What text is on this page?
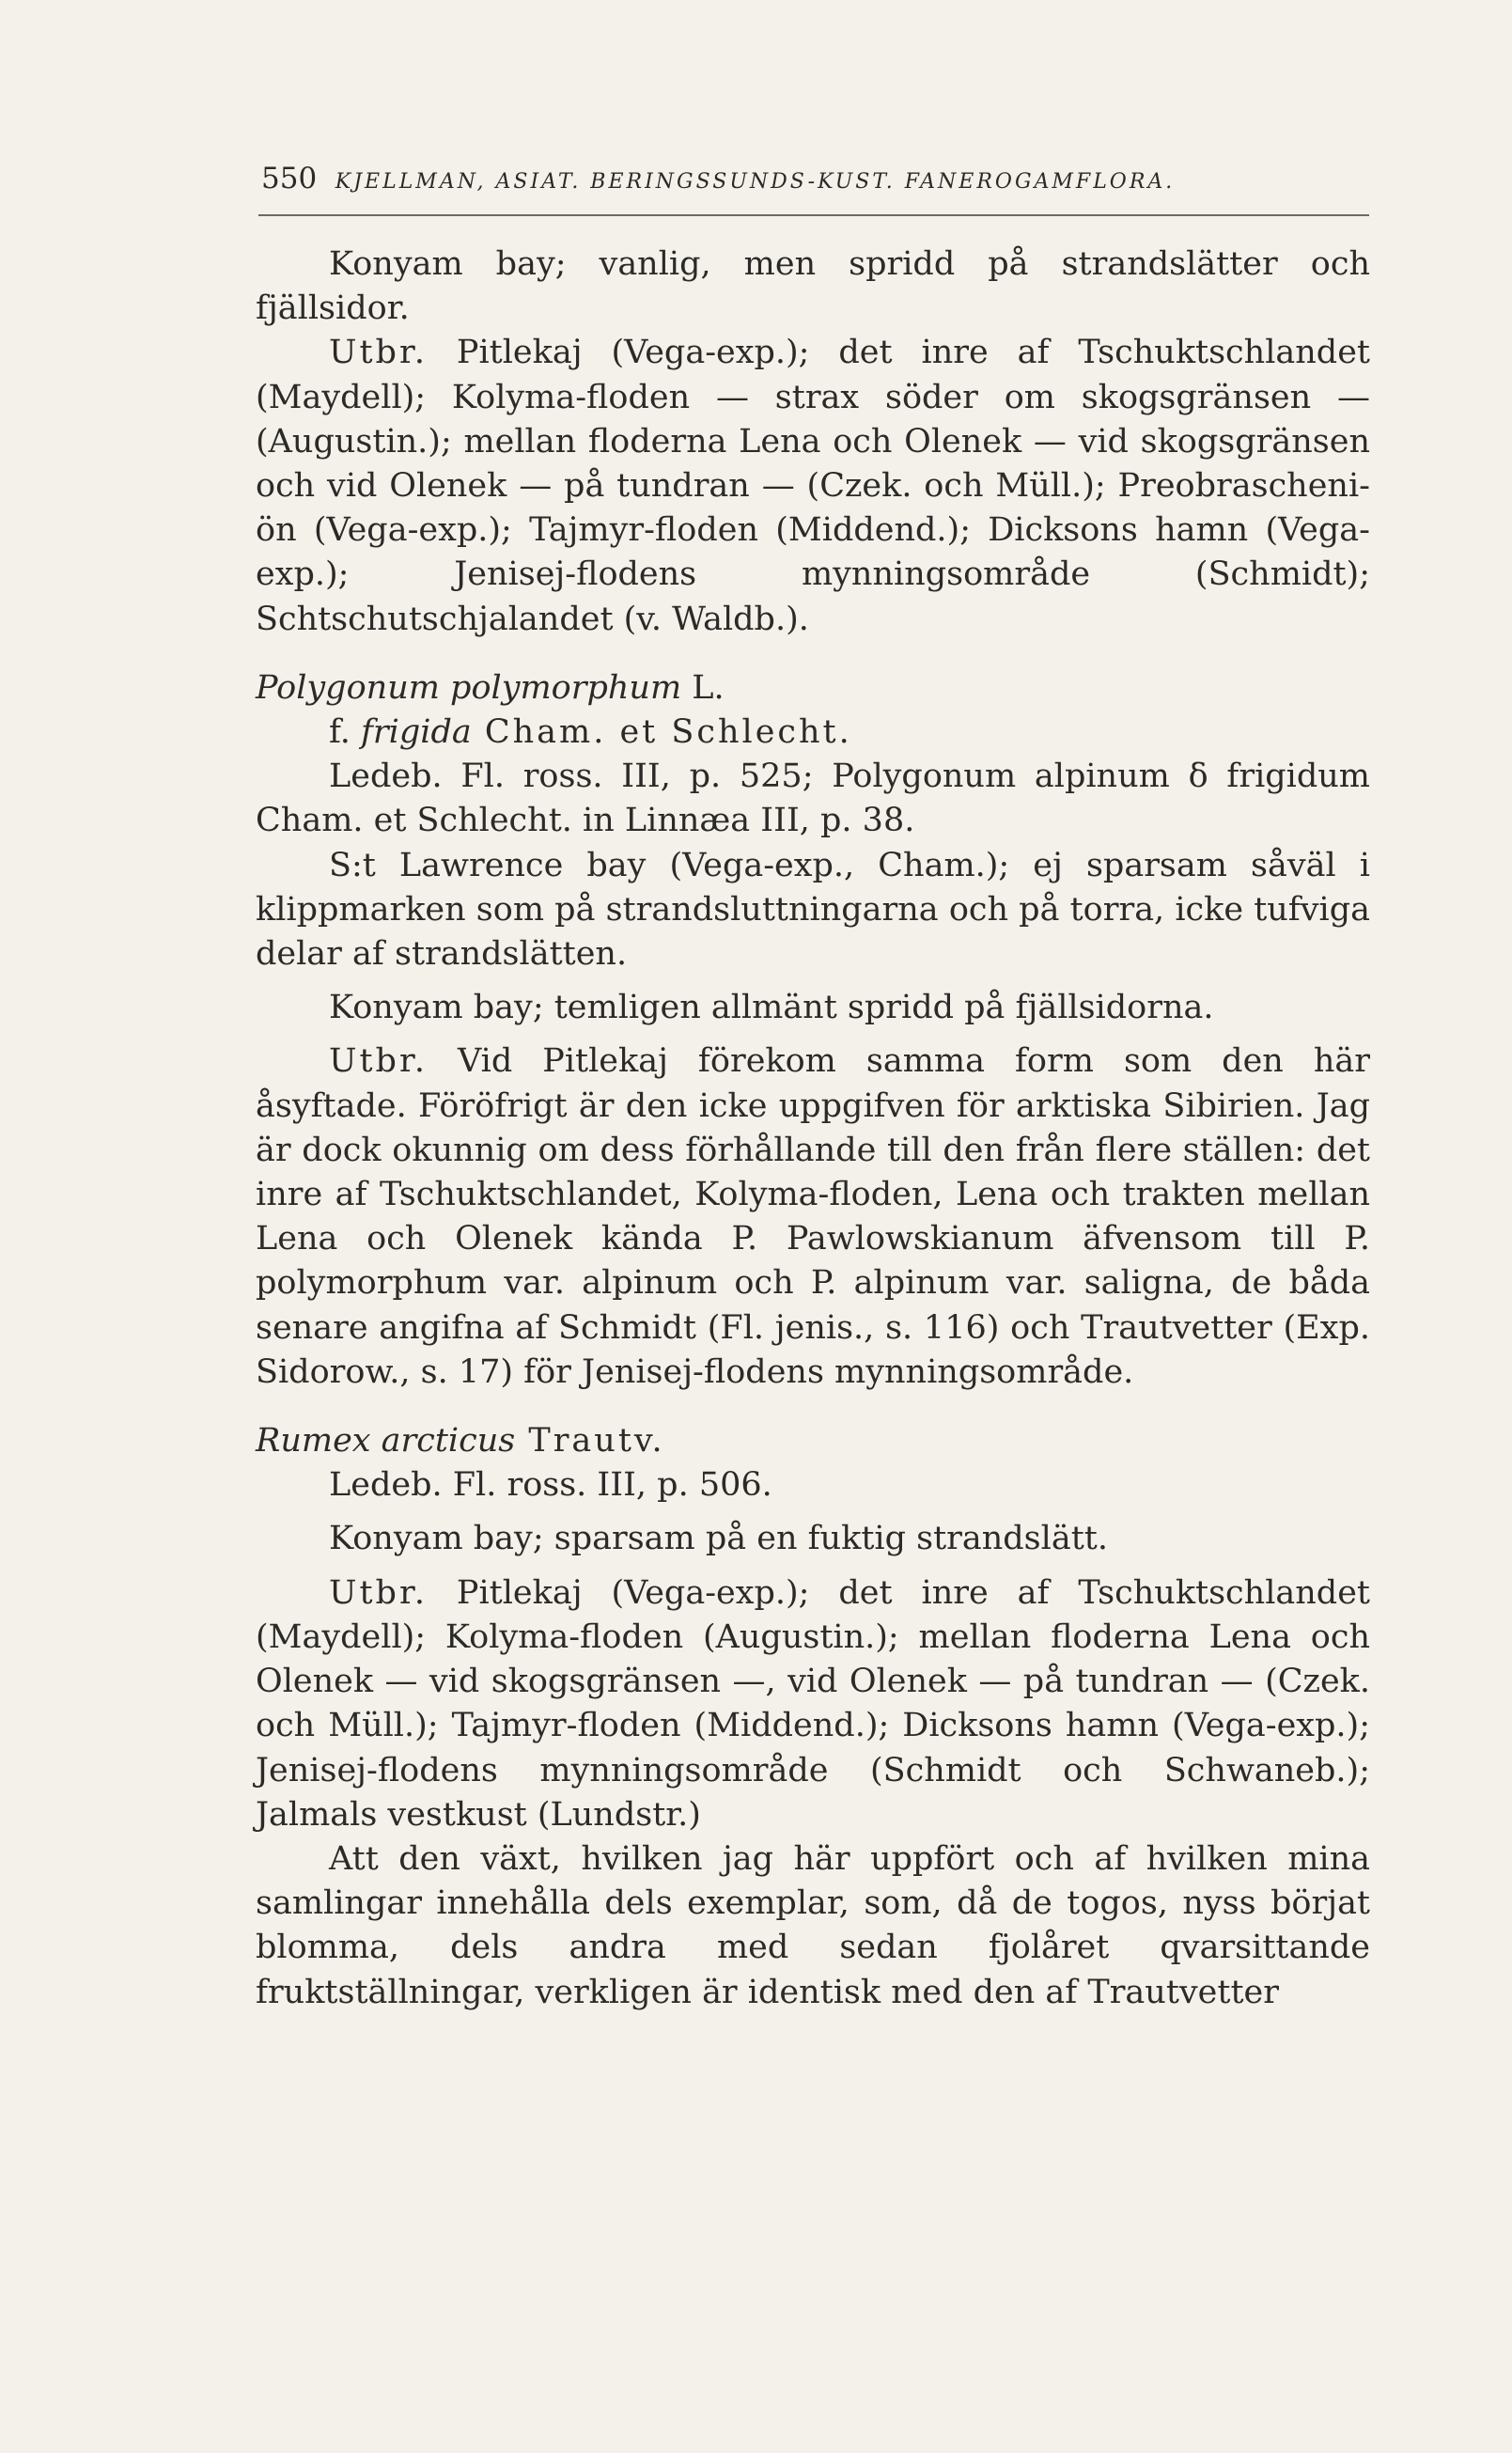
550 KJELLMAN, ASIAT. BERINGSSUNDS-KUST. FANEROGAMFLORA.

Konyam bay; vanlig, men spridd på strandslätter och fjällsidor.

Utbr. Pitlekaj (Vega-exp.); det inre af Tschuktschlandet (Maydell); Kolyma-floden — strax söder om skogsgränsen — (Augustin.); mellan floderna Lena och Olenek — vid skogsgränsen och vid Olenek — på tundran — (Czek. och Müll.); Preobrascheni-ön (Vega-exp.); Tajmyr-floden (Middend.); Dicksons hamn (Vega-exp.); Jenisej-flodens mynningsområde (Schmidt); Schtschutschjalandet (v. Waldb.).

Polygonum polymorphum L.

f. frigida Cham. et Schlecht.

Ledeb. Fl. ross. III, p. 525; Polygonum alpinum δ frigidum Cham. et Schlecht. in Linnæa III, p. 38.

S:t Lawrence bay (Vega-exp., Cham.); ej sparsam såväl i klippmarken som på strandsluttningarna och på torra, icke tufviga delar af strandslätten.

Konyam bay; temligen allmänt spridd på fjällsidorna.

Utbr. Vid Pitlekaj förekom samma form som den här åsyftade. Föröfrigt är den icke uppgifven för arktiska Sibirien. Jag är dock okunnig om dess förhållande till den från flere ställen: det inre af Tschuktschlandet, Kolyma-floden, Lena och trakten mellan Lena och Olenek kända P. Pawlowskianum äfvensom till P. polymorphum var. alpinum och P. alpinum var. saligna, de båda senare angifna af Schmidt (Fl. jenis., s. 116) och Trautvetter (Exp. Sidorow., s. 17) för Jenisej-flodens mynningsområde.

Rumex arcticus Trautv.

Ledeb. Fl. ross. III, p. 506.

Konyam bay; sparsam på en fuktig strandslätt.

Utbr. Pitlekaj (Vega-exp.); det inre af Tschuktschlandet (Maydell); Kolyma-floden (Augustin.); mellan floderna Lena och Olenek — vid skogsgränsen —, vid Olenek — på tundran — (Czek. och Müll.); Tajmyr-floden (Middend.); Dicksons hamn (Vega-exp.); Jenisej-flodens mynningsområde (Schmidt och Schwaneb.); Jalmals vestkust (Lundstr.)

Att den växt, hvilken jag här uppfört och af hvilken mina samlingar innehålla dels exemplar, som, då de togos, nyss börjat blomma, dels andra med sedan fjolåret qvarsittande fruktställningar, verkligen är identisk med den af Trautvetter
